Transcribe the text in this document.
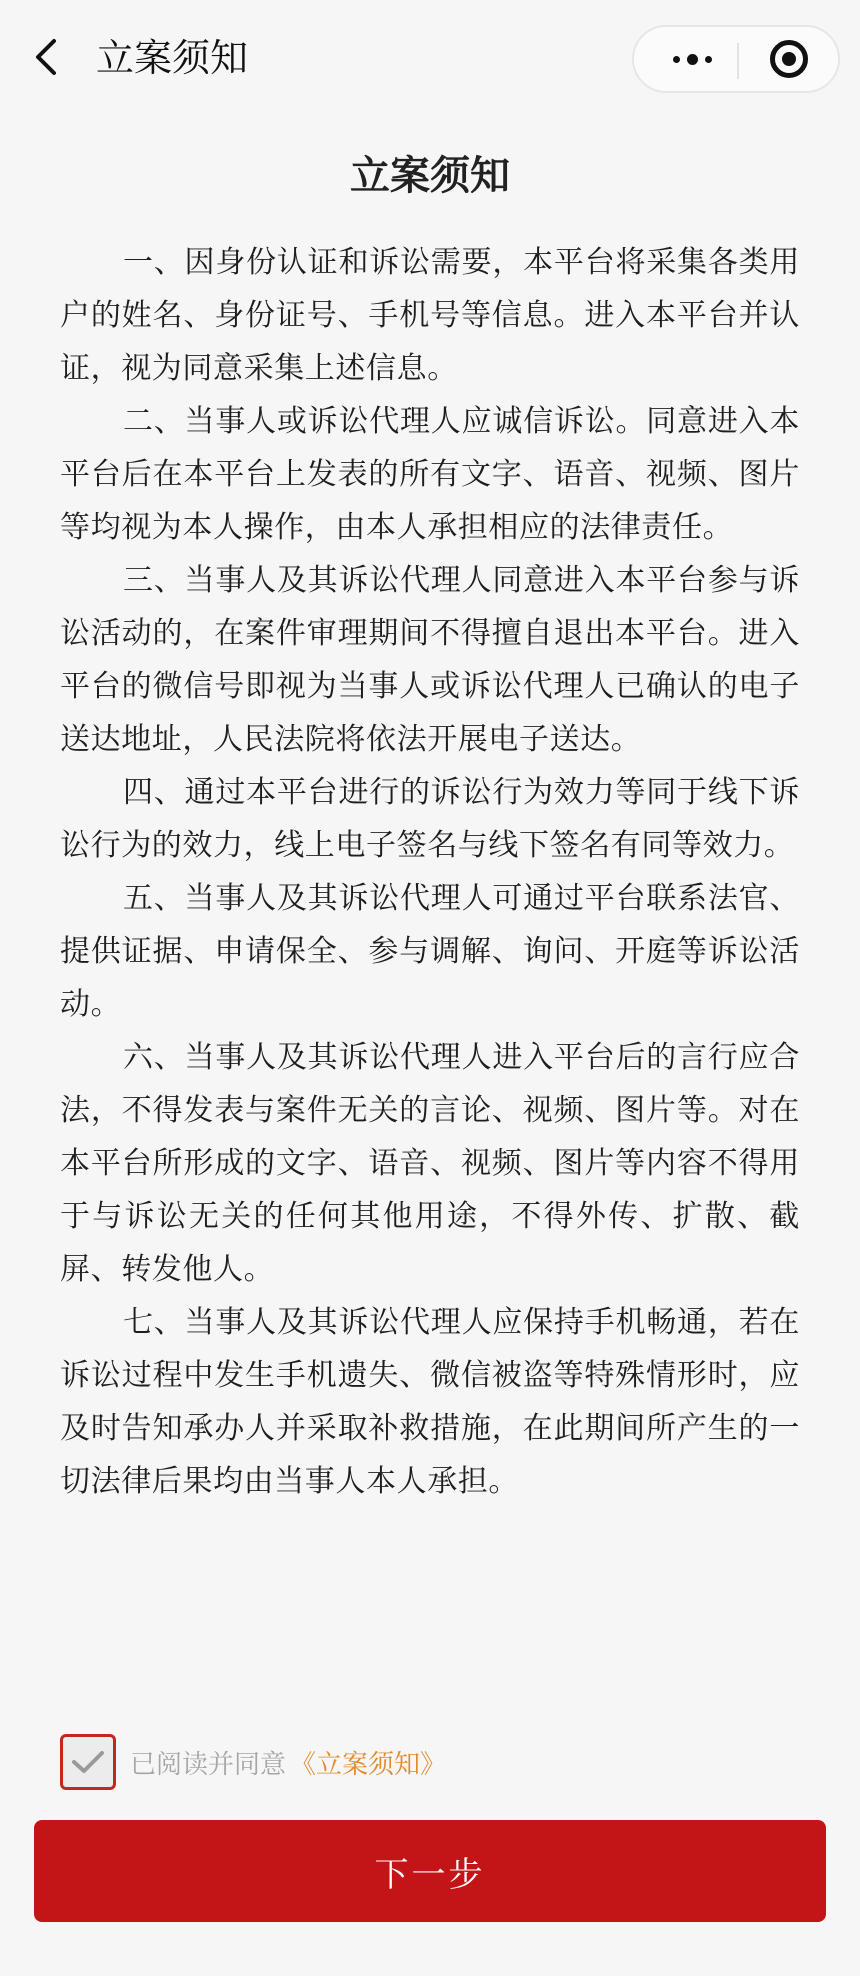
立案须知
立案须知

一、因身份认证和诉讼需要，本平台将采集各类用户的姓名、身份证号、手机号等信息。进入本平台并认证，视为同意采集上述信息。

二、当事人或诉讼代理人应诚信诉讼。同意进入本平台后在本平台上发表的所有文字、语音、视频、图片等均视为本人操作，由本人承担相应的法律责任。

三、当事人及其诉讼代理人同意进入本平台参与诉讼活动的，在案件审理期间不得擅自退出本平台。进入平台的微信号即视为当事人或诉讼代理人已确认的电子送达地址，人民法院将依法开展电子送达。

四、通过本平台进行的诉讼行为效力等同于线下诉讼行为的效力，线上电子签名与线下签名有同等效力。

五、当事人及其诉讼代理人可通过平台联系法官、提供证据、申请保全、参与调解、询问、开庭等诉讼活动。

六、当事人及其诉讼代理人进入平台后的言行应合法，不得发表与案件无关的言论、视频、图片等。对在本平台所形成的文字、语音、视频、图片等内容不得用于与诉讼无关的任何其他用途，不得外传、扩散、截屏、转发他人。

七、当事人及其诉讼代理人应保持手机畅通，若在诉讼过程中发生手机遗失、微信被盗等特殊情形时，应及时告知承办人并采取补救措施，在此期间所产生的一切法律后果均由当事人本人承担。

已阅读并同意 《立案须知》
下一步
